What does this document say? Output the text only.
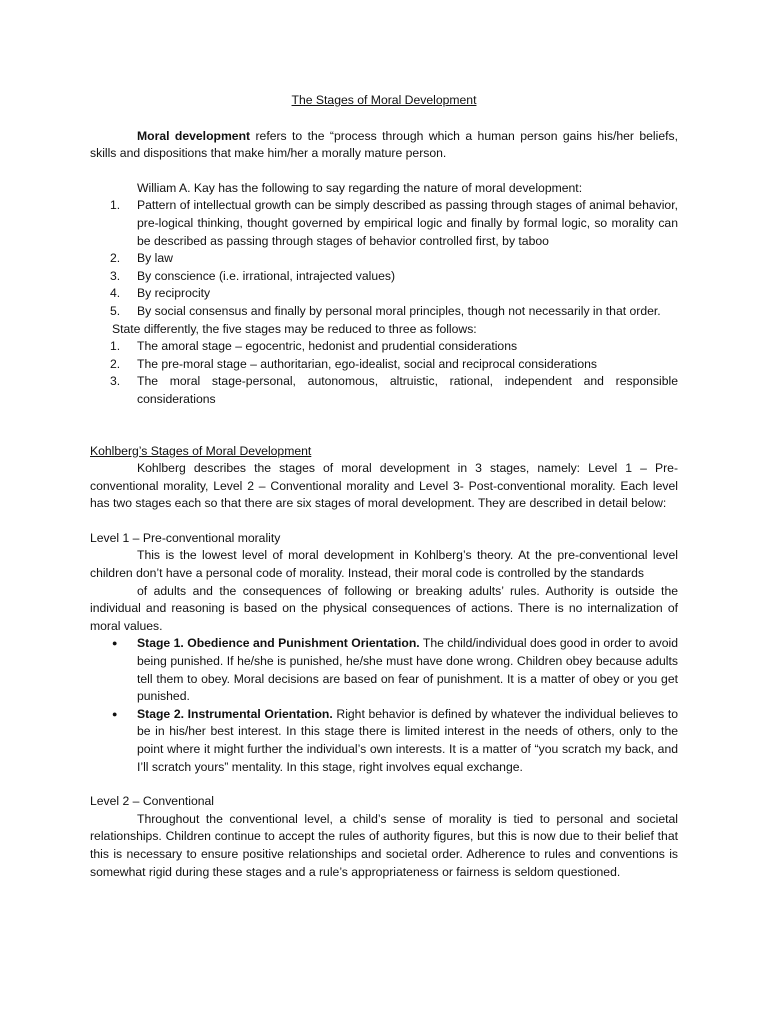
The Stages of Moral Development

Moral development refers to the “process through which a human person gains his/her beliefs, skills and dispositions that make him/her a morally mature person.

William A. Kay has the following to say regarding the nature of moral development:

1. Pattern of intellectual growth can be simply described as passing through stages of animal behavior, pre-logical thinking, thought governed by empirical logic and finally by formal logic, so morality can be described as passing through stages of behavior controlled first, by taboo
2. By law
3. By conscience (i.e. irrational, intrajected values)
4. By reciprocity
5. By social consensus and finally by personal moral principles, though not necessarily in that order.

State differently, the five stages may be reduced to three as follows:

1. The amoral stage – egocentric, hedonist and prudential considerations
2. The pre-moral stage – authoritarian, ego-idealist, social and reciprocal considerations
3. The moral stage-personal, autonomous, altruistic, rational, independent and responsible considerations

Kohlberg’s Stages of Moral Development

Kohlberg describes the stages of moral development in 3 stages, namely: Level 1 – Pre-conventional morality, Level 2 – Conventional morality and Level 3- Post-conventional morality. Each level has two stages each so that there are six stages of moral development. They are described in detail below:

Level 1 – Pre-conventional morality

This is the lowest level of moral development in Kohlberg’s theory. At the pre-conventional level children don’t have a personal code of morality. Instead, their moral code is controlled by the standards

of adults and the consequences of following or breaking adults’ rules. Authority is outside the individual and reasoning is based on the physical consequences of actions. There is no internalization of moral values.

● Stage 1. Obedience and Punishment Orientation. The child/individual does good in order to avoid being punished. If he/she is punished, he/she must have done wrong. Children obey because adults tell them to obey. Moral decisions are based on fear of punishment. It is a matter of obey or you get punished.
● Stage 2. Instrumental Orientation. Right behavior is defined by whatever the individual believes to be in his/her best interest. In this stage there is limited interest in the needs of others, only to the point where it might further the individual’s own interests. It is a matter of “you scratch my back, and I’ll scratch yours” mentality. In this stage, right involves equal exchange.

Level 2 – Conventional

Throughout the conventional level, a child’s sense of morality is tied to personal and societal relationships. Children continue to accept the rules of authority figures, but this is now due to their belief that this is necessary to ensure positive relationships and societal order. Adherence to rules and conventions is somewhat rigid during these stages and a rule’s appropriateness or fairness is seldom questioned.
